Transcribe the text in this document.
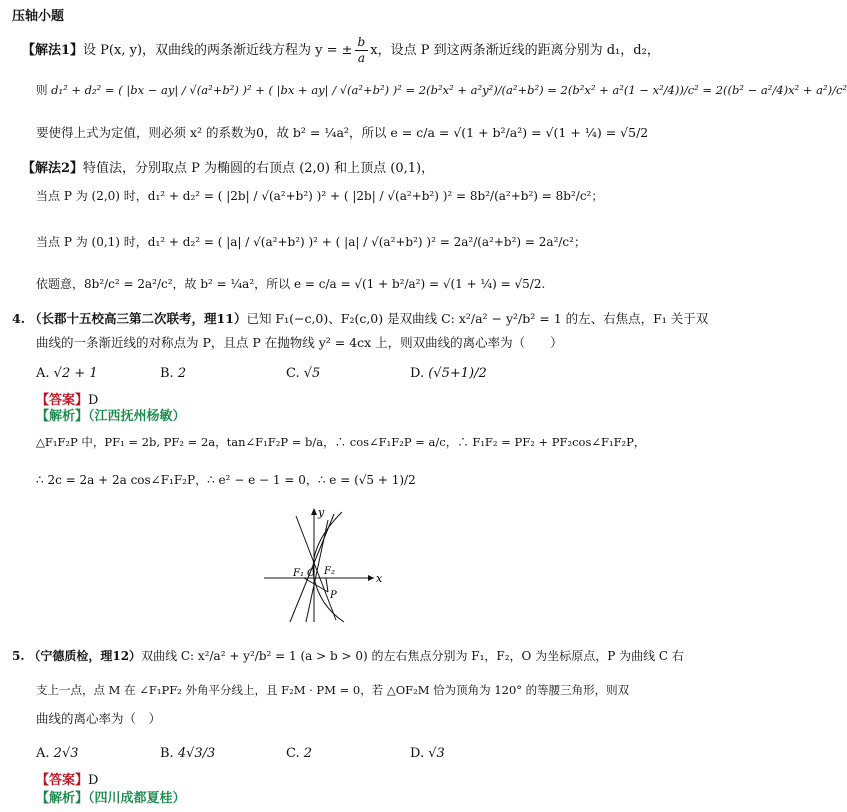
压轴小题
【解法1】设 P(x, y)，双曲线的两条渐近线方程为 y = ± $\frac{b}{a}$ x，设点 P 到这两条渐近线的距离分别为 d₁，d₂，
则 d₁² + d₂² = ( |bx − ay| / √(a²+b²) )² + ( |bx + ay| / √(a²+b²) )² = 2(b²x² + a²y²)/(a²+b²) = 2(b²x² + a²(1 − x²/4))/c² = 2((b² − a²/4)x² + a²)/c²
要使得上式为定值，则必须 x² 的系数为0，故 b² = ¼a²，所以 e = c/a = √(1 + b²/a²) = √(1 + ¼) = √5/2
【解法2】特值法，分别取点 P 为椭圆的右顶点 (2,0) 和上顶点 (0,1)，
当点 P 为 (2,0) 时，d₁² + d₂² = ( |2b| / √(a²+b²) )² + ( |2b| / √(a²+b²) )² = 8b²/(a²+b²) = 8b²/c²；
当点 P 为 (0,1) 时，d₁² + d₂² = ( |a| / √(a²+b²) )² + ( |a| / √(a²+b²) )² = 2a²/(a²+b²) = 2a²/c²；
依题意，8b²/c² = 2a²/c²，故 b² = ¼a²，所以 e = c/a = √(1 + b²/a²) = √(1 + ¼) = √5/2.
4. （长郡十五校高三第二次联考，理11）已知 F₁(−c,0)、F₂(c,0) 是双曲线 C: x²/a² − y²/b² = 1 的左、右焦点，F₁ 关于双
曲线的一条渐近线的对称点为 P，且点 P 在抛物线 y² = 4cx 上，则双曲线的离心率为（　　）
A. √2 + 1	B. 2	C. √5	D. (√5+1)/2
【答案】D
【解析】（江西抚州杨敏）
△F₁F₂P 中，PF₁ = 2b, PF₂ = 2a，tan∠F₁F₂P = b/a，∴ cos∠F₁F₂P = a/c，∴ F₁F₂ = PF₂ + PF₂cos∠F₁F₂P，
∴ 2c = 2a + 2a cos∠F₁F₂P，∴ e² − e − 1 = 0，∴ e = (√5 + 1)/2
x
y
O
F₁ F₂
P
5. （宁德质检，理12）双曲线 C: x²/a² + y²/b² = 1 (a > b > 0) 的左右焦点分别为 F₁，F₂，O 为坐标原点，P 为曲线 C 右
支上一点，点 M 在 ∠F₁PF₂ 外角平分线上，且 F₂M · PM = 0，若 △OF₂M 恰为顶角为 120° 的等腰三角形，则双
曲线的离心率为（　）
A. 2√3	B. 4√3/3	C. 2	D. √3
【答案】D
【解析】（四川成都夏桂）
